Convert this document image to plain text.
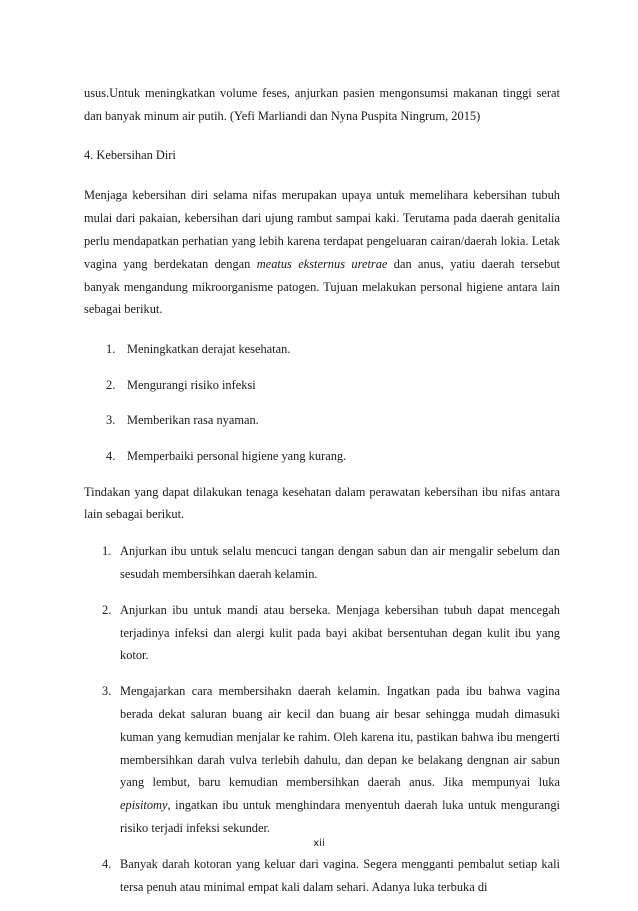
usus.Untuk meningkatkan volume feses, anjurkan pasien mengonsumsi makanan tinggi serat dan banyak minum air putih. (Yefi Marliandi dan Nyna Puspita Ningrum, 2015)

4. Kebersihan Diri

Menjaga kebersihan diri selama nifas merupakan upaya untuk memelihara kebersihan tubuh mulai dari pakaian, kebersihan dari ujung rambut sampai kaki. Terutama pada daerah genitalia perlu mendapatkan perhatian yang lebih karena terdapat pengeluaran cairan/daerah lokia. Letak vagina yang berdekatan dengan meatus eksternus uretrae dan anus, yatiu daerah tersebut banyak mengandung mikroorganisme patogen. Tujuan melakukan personal higiene antara lain sebagai berikut.

1. Meningkatkan derajat kesehatan.
2. Mengurangi risiko infeksi
3. Memberikan rasa nyaman.
4. Memperbaiki personal higiene yang kurang.

Tindakan yang dapat dilakukan tenaga kesehatan dalam perawatan kebersihan ibu nifas antara lain sebagai berikut.

1. Anjurkan ibu untuk selalu mencuci tangan dengan sabun dan air mengalir sebelum dan sesudah membersihkan daerah kelamin.
2. Anjurkan ibu untuk mandi atau berseka. Menjaga kebersihan tubuh dapat mencegah terjadinya infeksi dan alergi kulit pada bayi akibat bersentuhan degan kulit ibu yang kotor.
3. Mengajarkan cara membersihakn daerah kelamin. Ingatkan pada ibu bahwa vagina berada dekat saluran buang air kecil dan buang air besar sehingga mudah dimasuki kuman yang kemudian menjalar ke rahim. Oleh karena itu, pastikan bahwa ibu mengerti membersihkan darah vulva terlebih dahulu, dan depan ke belakang dengnan air sabun yang lembut, baru kemudian membersihkan daerah anus. Jika mempunyai luka episitomy, ingatkan ibu untuk menghindara menyentuh daerah luka untuk mengurangi risiko terjadi infeksi sekunder.
4. Banyak darah kotoran yang keluar dari vagina. Segera mengganti pembalut setiap kali tersa penuh atau minimal empat kali dalam sehari. Adanya luka terbuka di
xii
